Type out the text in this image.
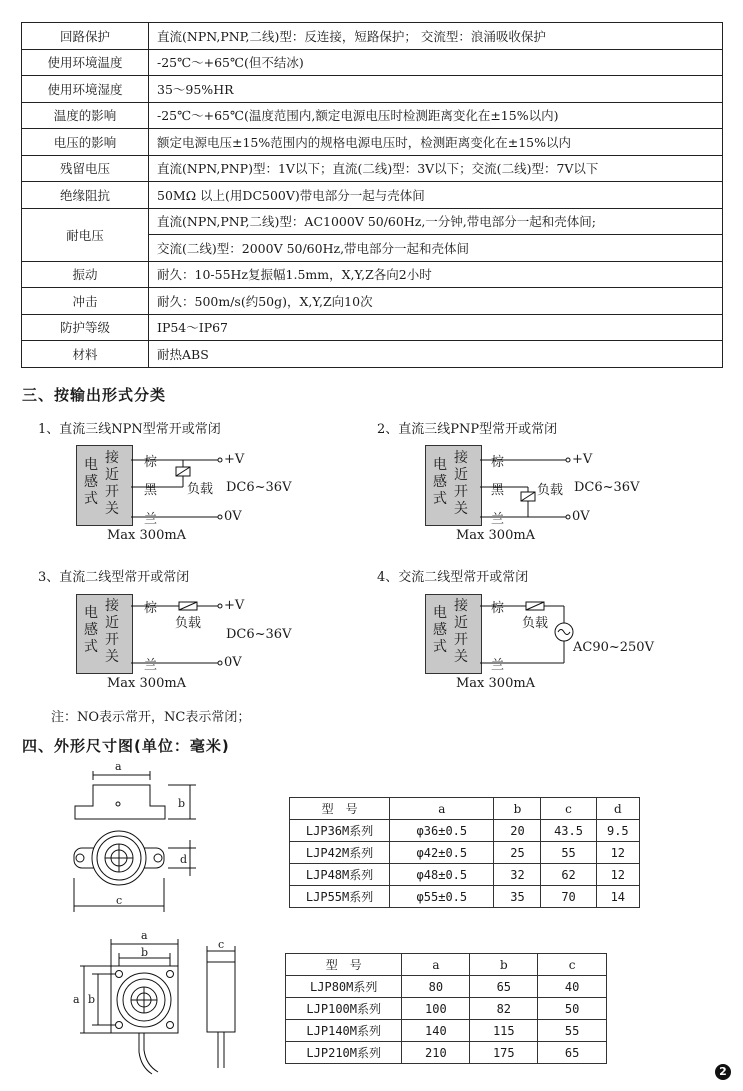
回路保护	直流(NPN,PNP,二线)型：反连接，短路保护； 交流型：浪涌吸收保护
使用环境温度	-25℃～+65℃(但不结冰)
使用环境湿度	35～95%HR
温度的影响	-25℃～+65℃(温度范围内,额定电源电压时检测距离变化在±15%以内)
电压的影响	额定电源电压±15%范围内的规格电源电压时，检测距离变化在±15%以内
残留电压	直流(NPN,PNP)型：1V以下；直流(二线)型：3V以下；交流(二线)型：7V以下
绝缘阻抗	50MΩ 以上(用DC500V)带电部分一起与壳体间
耐电压	直流(NPN,PNP,二线)型：AC1000V 50/60Hz,一分钟,带电部分一起和壳体间;
	交流(二线)型：2000V 50/60Hz,带电部分一起和壳体间
振动	耐久：10-55Hz复振幅1.5mm，X,Y,Z各向2小时
冲击	耐久：500m/s(约50g)，X,Y,Z向10次
防护等级	IP54～IP67
材料	耐热ABS
三、按输出形式分类
1、直流三线NPN型常开或常闭	2、直流三线PNP型常开或常闭
3、直流二线型常开或常闭	4、交流二线型常开或常闭
电
感
式
接
近
开
关
棕
黑
兰
+V
0V
负载 DC6~36V
Max 300mA
电
感
式
接
近
开
关
棕
黑
兰
+V
0V
负载 DC6~36V
Max 300mA
电
感
式
接
近
开
关
棕
兰
+V
0V
负载
DC6~36V
Max 300mA
电
感
式
接
近
开
关
棕
兰
负载
AC90~250V
Max 300mA
注：NO表示常开，NC表示常闭；
四、外形尺寸图(单位：毫米)
a
b
d
c
a
b
a b
c
型　号	a	b	c	d
LJP36M系列	φ36±0.5	20	43.5	9.5
LJP42M系列	φ42±0.5	25	55	12
LJP48M系列	φ48±0.5	32	62	12
LJP55M系列	φ55±0.5	35	70	14
型　号	a	b	c
LJP80M系列	80	65	40
LJP100M系列	100	82	50
LJP140M系列	140	115	55
LJP210M系列	210	175	65
2
